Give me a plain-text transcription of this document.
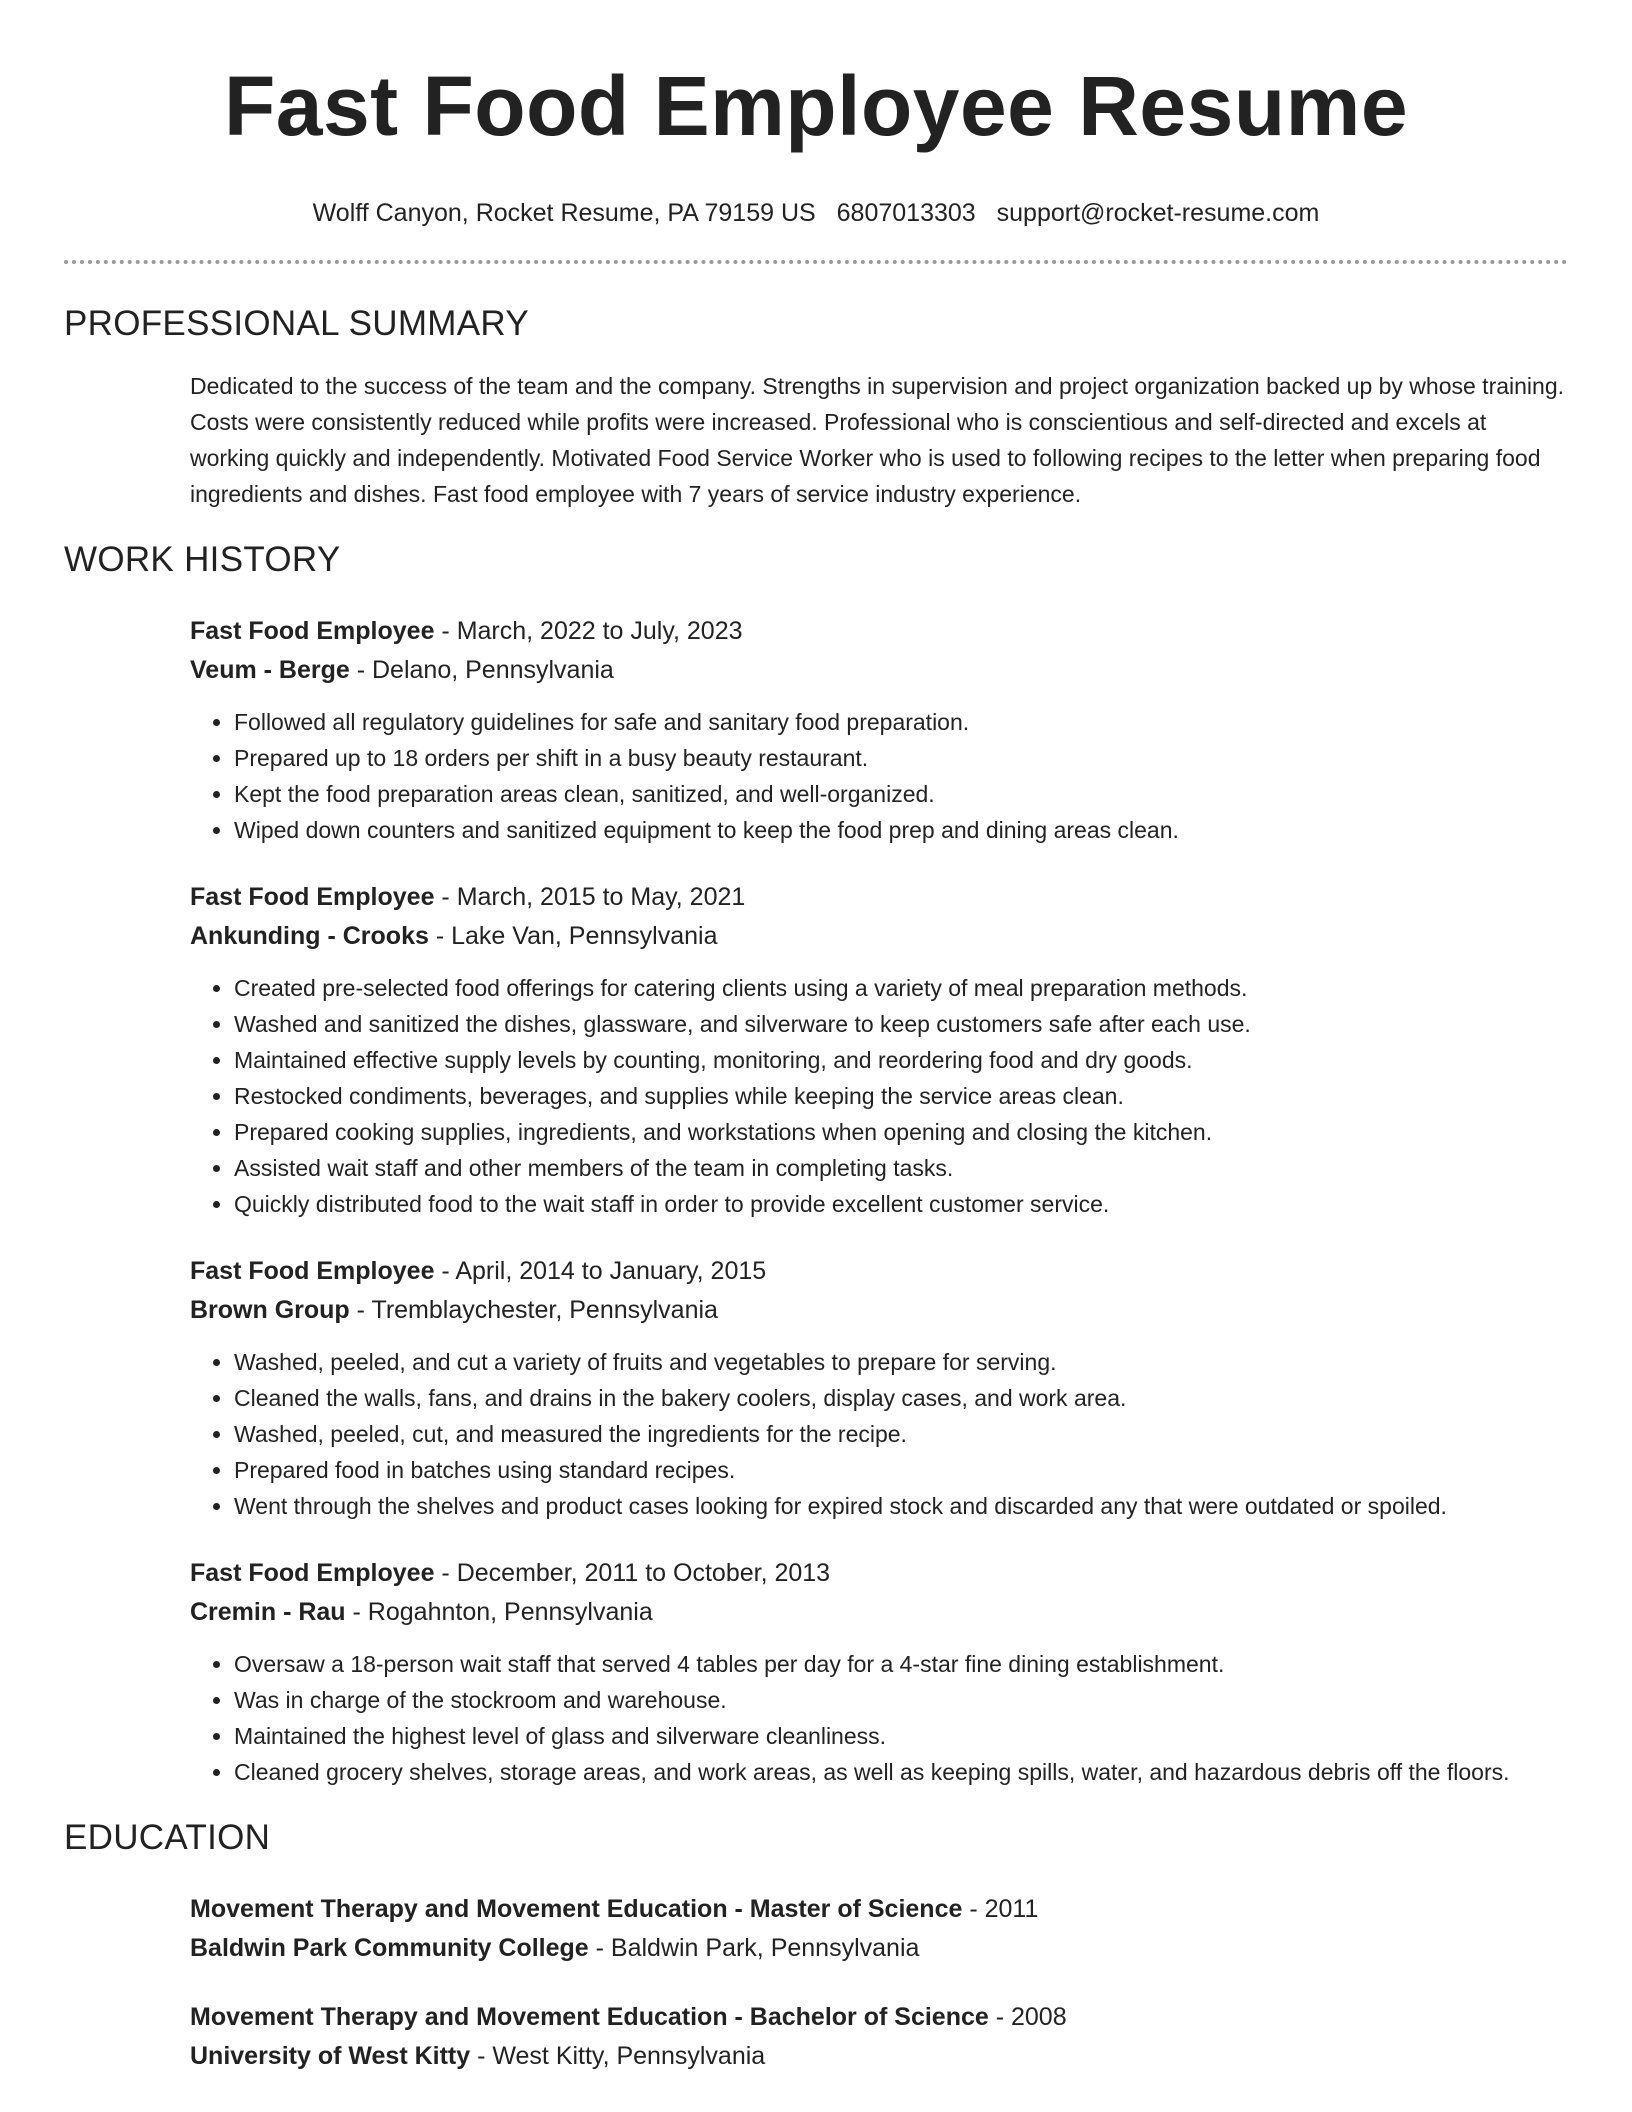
Fast Food Employee Resume
Wolff Canyon, Rocket Resume, PA 79159 US 6807013303 support@rocket-resume.com
PROFESSIONAL SUMMARY
Dedicated to the success of the team and the company. Strengths in supervision and project organization backed up by whose training. Costs were consistently reduced while profits were increased. Professional who is conscientious and self-directed and excels at working quickly and independently. Motivated Food Service Worker who is used to following recipes to the letter when preparing food ingredients and dishes. Fast food employee with 7 years of service industry experience.
WORK HISTORY
Fast Food Employee - March, 2022 to July, 2023
Veum - Berge - Delano, Pennsylvania
• Followed all regulatory guidelines for safe and sanitary food preparation.
• Prepared up to 18 orders per shift in a busy beauty restaurant.
• Kept the food preparation areas clean, sanitized, and well-organized.
• Wiped down counters and sanitized equipment to keep the food prep and dining areas clean.
Fast Food Employee - March, 2015 to May, 2021
Ankunding - Crooks - Lake Van, Pennsylvania
• Created pre-selected food offerings for catering clients using a variety of meal preparation methods.
• Washed and sanitized the dishes, glassware, and silverware to keep customers safe after each use.
• Maintained effective supply levels by counting, monitoring, and reordering food and dry goods.
• Restocked condiments, beverages, and supplies while keeping the service areas clean.
• Prepared cooking supplies, ingredients, and workstations when opening and closing the kitchen.
• Assisted wait staff and other members of the team in completing tasks.
• Quickly distributed food to the wait staff in order to provide excellent customer service.
Fast Food Employee - April, 2014 to January, 2015
Brown Group - Tremblaychester, Pennsylvania
• Washed, peeled, and cut a variety of fruits and vegetables to prepare for serving.
• Cleaned the walls, fans, and drains in the bakery coolers, display cases, and work area.
• Washed, peeled, cut, and measured the ingredients for the recipe.
• Prepared food in batches using standard recipes.
• Went through the shelves and product cases looking for expired stock and discarded any that were outdated or spoiled.
Fast Food Employee - December, 2011 to October, 2013
Cremin - Rau - Rogahnton, Pennsylvania
• Oversaw a 18-person wait staff that served 4 tables per day for a 4-star fine dining establishment.
• Was in charge of the stockroom and warehouse.
• Maintained the highest level of glass and silverware cleanliness.
• Cleaned grocery shelves, storage areas, and work areas, as well as keeping spills, water, and hazardous debris off the floors.
EDUCATION
Movement Therapy and Movement Education - Master of Science - 2011
Baldwin Park Community College - Baldwin Park, Pennsylvania
Movement Therapy and Movement Education - Bachelor of Science - 2008
University of West Kitty - West Kitty, Pennsylvania
